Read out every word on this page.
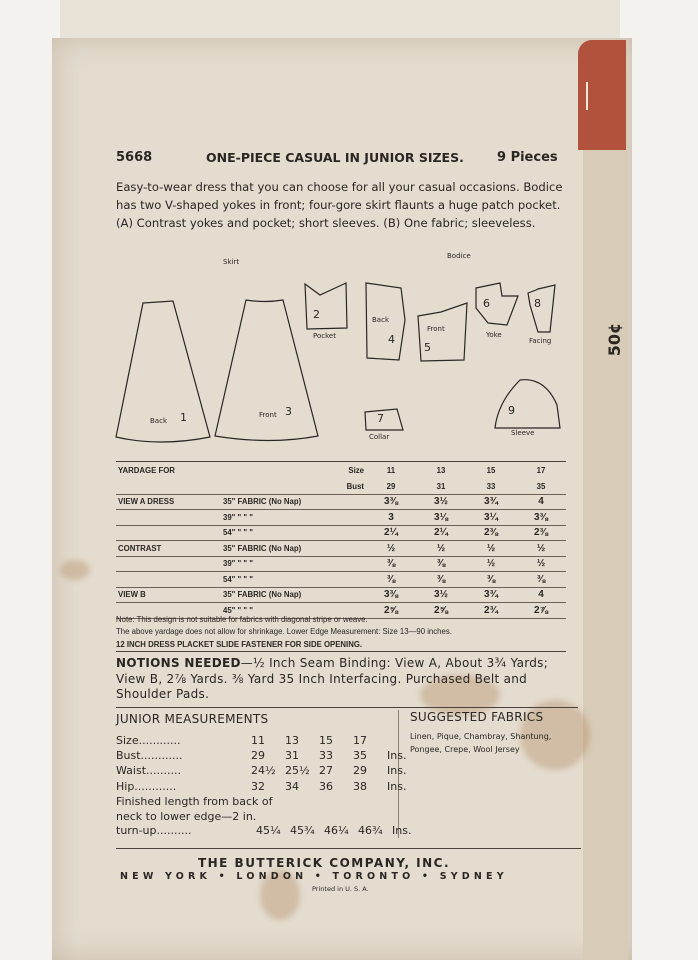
50¢
5668	ONE-PIECE CASUAL IN JUNIOR SIZES.	9 Pieces
Easy-to-wear dress that you can choose for all your casual occasions. Bodice has two V-shaped yokes in front; four-gore skirt flaunts a huge patch pocket. (A) Contrast yokes and pocket; short sleeves. (B) One fabric; sleeveless.
Skirt
Bodice
Back 1
2
Pocket
Front 3
Back
4
Front
5
6
Yoke
7
Collar
8
Facing
9
Sleeve
YARDAGE FOR Size		11	13	15	17
Bust		29	31	33	35
VIEW A DRESS	35" FABRIC (No Nap)	3⅜	3½	3¾	4
	39" " " "	3	3⅛	3¼	3⅜
	54" " " "	2¼	2¼	2⅜	2⅜
CONTRAST	35" FABRIC (No Nap)	½	½	½	½
	39" " " "	⅜	⅜	½	½
	54" " " "	⅜	⅜	⅜	⅜
VIEW B	35" FABRIC (No Nap)	3⅜	3½	3¾	4
	45" " " "	2⅝	2⅝	2¾	2⅞
Note: This design is not suitable for fabrics with diagonal stripe or weave.
The above yardage does not allow for shrinkage. Lower Edge Measurement: Size 13—90 inches.
12 INCH DRESS PLACKET SLIDE FASTENER FOR SIDE OPENING.
NOTIONS NEEDED—½ Inch Seam Binding: View A, About 3¾ Yards; View B, 2⅞ Yards. ⅜ Yard 35 Inch Interfacing. Purchased Belt and Shoulder Pads.
JUNIOR MEASUREMENTS
Size............	11	13	15	17
Bust............	29	31	33	35	Ins.
Waist..........	24½ 25½ 27	29	Ins.
Hip............	32	34	36	38	Ins.
Finished length from back of
neck to lower edge—2 in.
turn-up..........	45¼ 45¾ 46¼ 46¾ Ins.
SUGGESTED FABRICS
Linen, Pique, Chambray, Shantung, Pongee, Crepe, Wool Jersey
THE BUTTERICK COMPANY, INC.
NEW YORK • LONDON • TORONTO • SYDNEY
Printed in U. S. A.
